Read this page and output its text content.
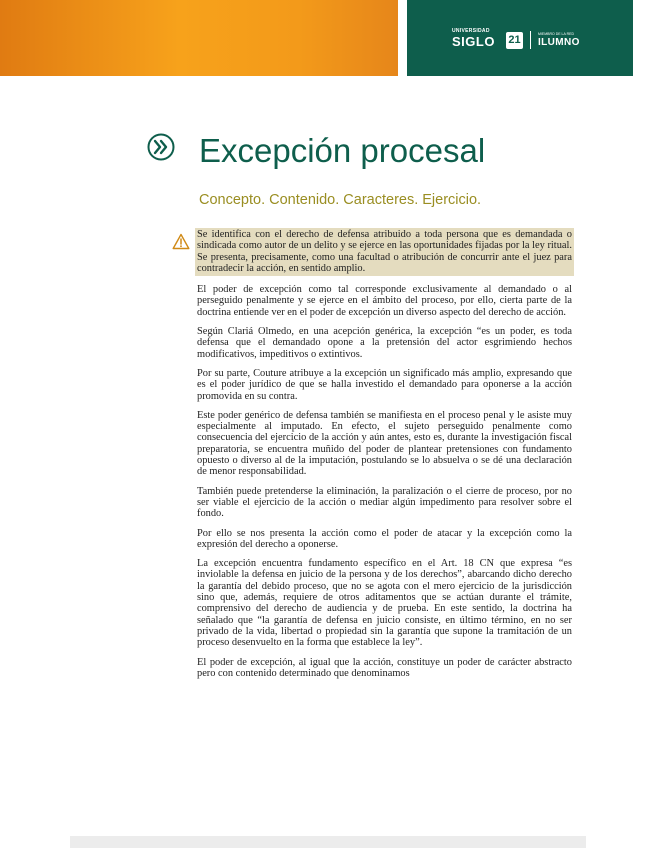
UNIVERSIDAD
SIGLO 21	MIEMBRO DE LA RED
ILUMNO
Excepción procesal
Concepto. Contenido. Caracteres. Ejercicio.

Se identifica con el derecho de defensa atribuido a toda persona que es demandada o sindicada como autor de un delito y se ejerce en las oportunidades fijadas por la ley ritual. Se presenta, precisamente, como una facultad o atribución de concurrir ante el juez para contradecir la acción, en sentido amplio.

El poder de excepción como tal corresponde exclusivamente al demandado o al perseguido penalmente y se ejerce en el ámbito del proceso, por ello, cierta parte de la doctrina entiende ver en el poder de excepción un diverso aspecto del derecho de acción.

Según Clariá Olmedo, en una acepción genérica, la excepción “es un poder, es toda defensa que el demandado opone a la pretensión del actor esgrimiendo hechos modificativos, impeditivos o extintivos.

Por su parte, Couture atribuye a la excepción un significado más amplio, expresando que es el poder jurídico de que se halla investido el demandado para oponerse a la acción promovida en su contra.

Este poder genérico de defensa también se manifiesta en el proceso penal y le asiste muy especialmente al imputado. En efecto, el sujeto perseguido penalmente como consecuencia del ejercicio de la acción y aún antes, esto es, durante la investigación fiscal preparatoria, se encuentra muñido del poder de plantear pretensiones con fundamento opuesto o diverso al de la imputación, postulando se lo absuelva o se dé una declaración de menor responsabilidad.

También puede pretenderse la eliminación, la paralización o el cierre de proceso, por no ser viable el ejercicio de la acción o mediar algún impedimento para resolver sobre el fondo.

Por ello se nos presenta la acción como el poder de atacar y la excepción como la expresión del derecho a oponerse.

La excepción encuentra fundamento específico en el Art. 18 CN que expresa “es inviolable la defensa en juicio de la persona y de los derechos”, abarcando dicho derecho la garantía del debido proceso, que no se agota con el mero ejercicio de la jurisdicción sino que, además, requiere de otros aditamentos que se actúan durante el trámite, comprensivo del derecho de audiencia y de prueba. En este sentido, la doctrina ha señalado que “la garantía de defensa en juicio consiste, en último término, en no ser privado de la vida, libertad o propiedad sin la garantía que supone la tramitación de un proceso desenvuelto en la forma que establece la ley”.

El poder de excepción, al igual que la acción, constituye un poder de carácter abstracto pero con contenido determinado que denominamos
